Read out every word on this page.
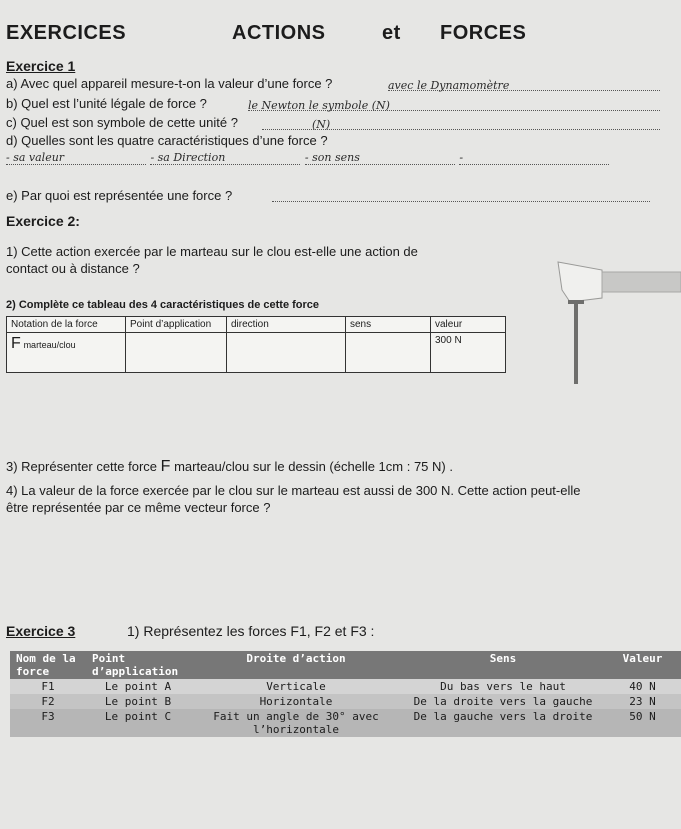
EXERCICES	ACTIONS	et FORCES
Exercice 1
a) Avec quel appareil mesure-t-on la valeur d’une force ?	avec le Dynamomètre
b) Quel est l’unité légale de force ?	le Newton le symbole (N)
c) Quel est son symbole de cette unité ?	(N)
d) Quelles sont les quatre caractéristiques d’une force ?
- sa valeur	- sa Direction	- son sens	-
e) Par quoi est représentée une force ?
Exercice 2:
1) Cette action exercée par le marteau sur le clou est-elle une action de
contact ou à distance ?
2) Complète ce tableau des 4 caractéristiques de cette force
Notation de la force	Point d’application	direction	sens	valeur
F marteau/clou				300 N
3) Représenter cette force F marteau/clou sur le dessin (échelle 1cm : 75 N) .
4) La valeur de la force exercée par le clou sur le marteau est aussi de 300 N. Cette action peut-elle
être représentée par ce même vecteur force ?
Exercice 3	1) Représentez les forces F1, F2 et F3 :
Nom de la force	Point d’application	Droite d’action	Sens	Valeur
F1	Le point A	Verticale	Du bas vers le haut	40 N
F2	Le point B	Horizontale	De la droite vers la gauche	23 N
F3	Le point C	Fait un angle de 30° avec l’horizontale	De la gauche vers la droite	50 N
